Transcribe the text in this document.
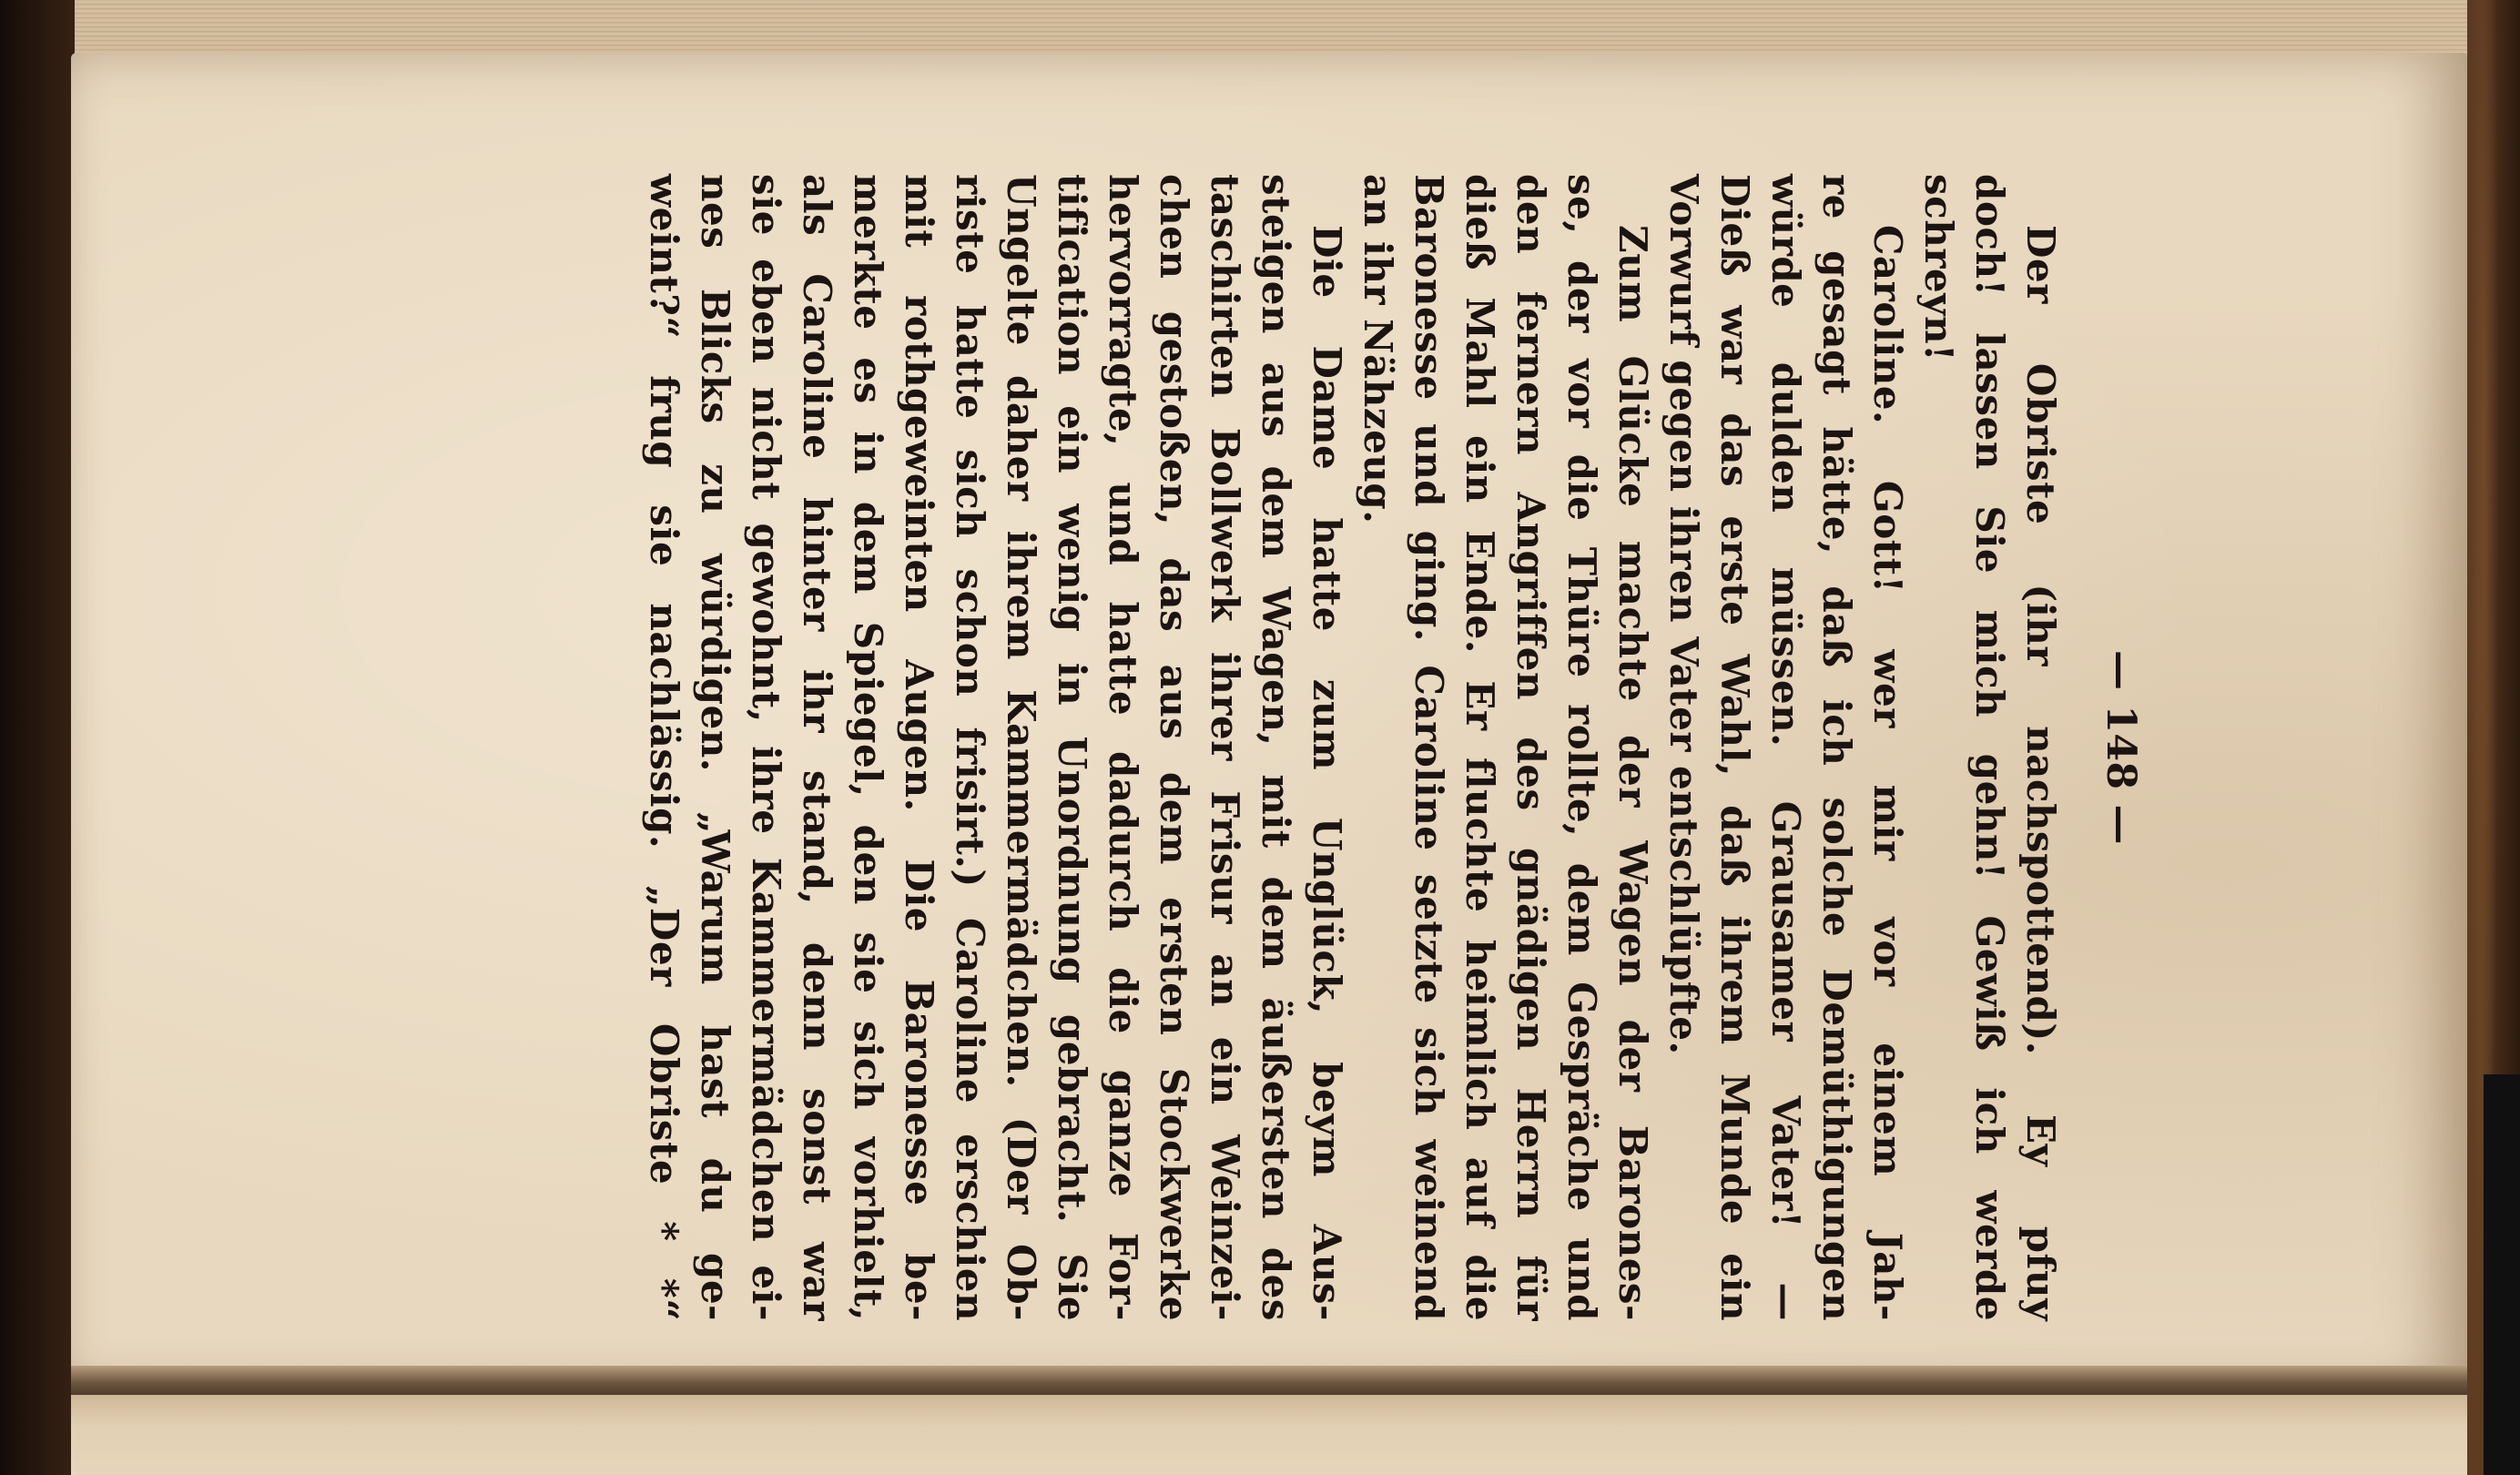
— 148 —
Der Obriste (ihr nachspottend). Ey pfuy
doch! lassen Sie mich gehn! Gewiß ich werde
schreyn!
Caroline. Gott! wer mir vor einem Jah-
re gesagt hätte, daß ich solche Demüthigungen
würde dulden müssen. Grausamer Vater! —
Dieß war das erste Wahl, daß ihrem Munde ein
Vorwurf gegen ihren Vater entschlüpfte.
Zum Glücke machte der Wagen der Barones-
se, der vor die Thüre rollte, dem Gespräche und
den fernern Angriffen des gnädigen Herrn für
dieß Mahl ein Ende. Er fluchte heimlich auf die
Baronesse und ging. Caroline setzte sich weinend
an ihr Nähzeug.
Die Dame hatte zum Unglück, beym Aus-
steigen aus dem Wagen, mit dem äußersten des
taschirten Bollwerk ihrer Frisur an ein Weinzei-
chen gestoßen, das aus dem ersten Stockwerke
hervorragte, und hatte dadurch die ganze For-
tification ein wenig in Unordnung gebracht. Sie
Ungelte daher ihrem Kammermädchen. (Der Ob-
riste hatte sich schon frisirt.) Caroline erschien
mit rothgeweinten Augen. Die Baronesse be-
merkte es in dem Spiegel, den sie sich vorhielt,
als Caroline hinter ihr stand, denn sonst war
sie eben nicht gewohnt, ihre Kammermädchen ei-
nes Blicks zu würdigen. „Warum hast du ge-
weint?“ frug sie nachlässig. „Der Obriste * *“
